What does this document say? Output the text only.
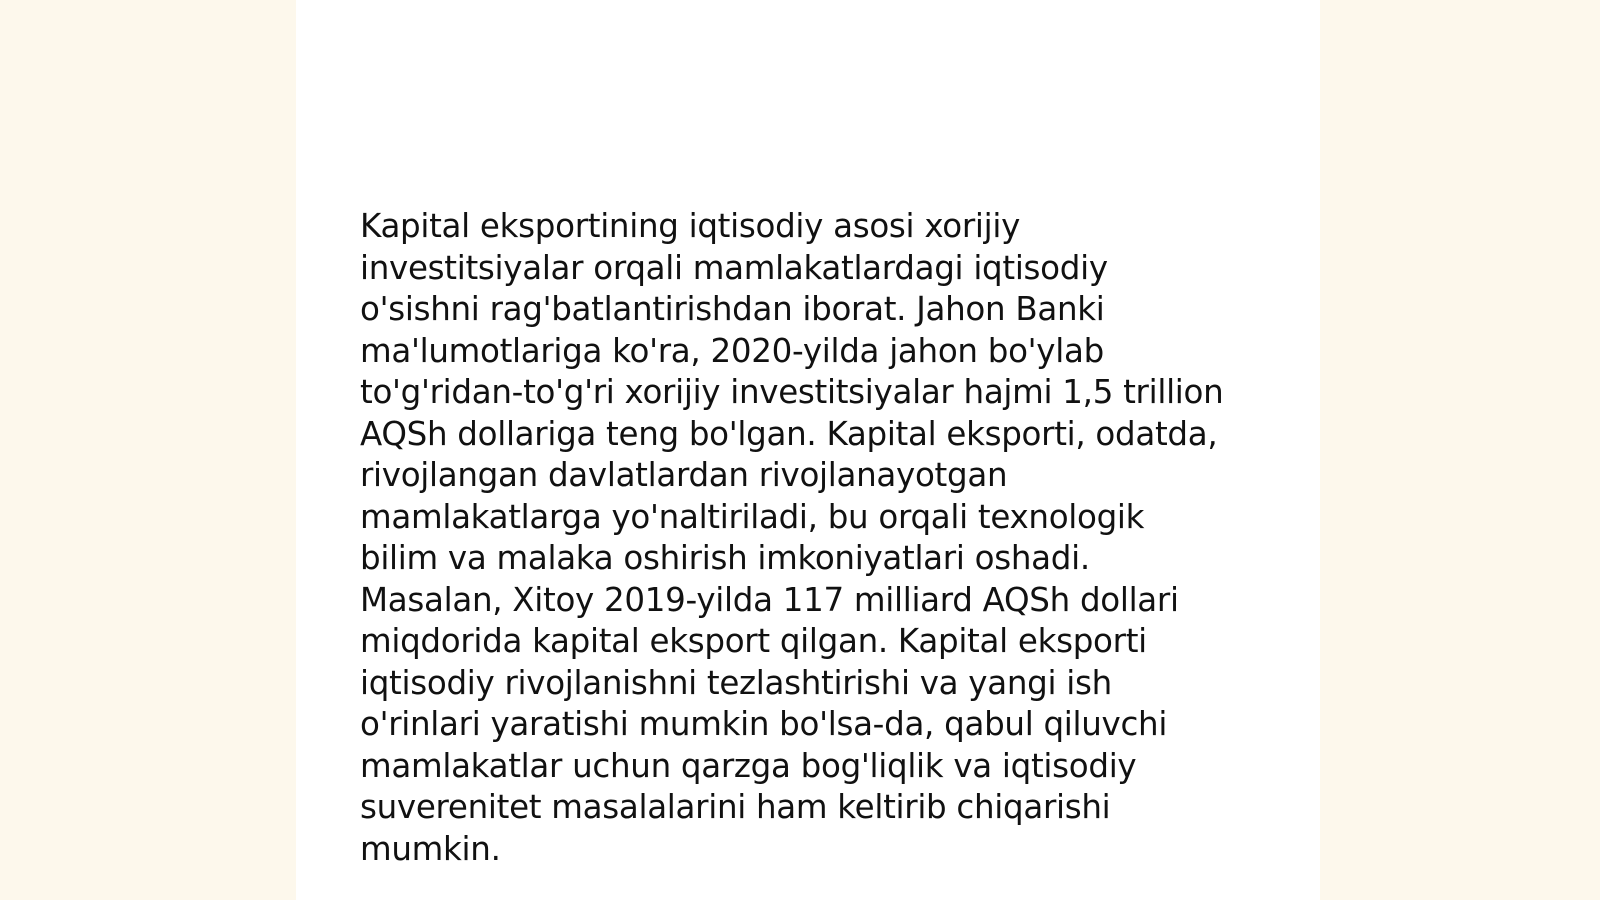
Kapital eksportining iqtisodiy asosi xorijiy
investitsiyalar orqali mamlakatlardagi iqtisodiy
o'sishni rag'batlantirishdan iborat. Jahon Banki
ma'lumotlariga ko'ra, 2020-yilda jahon bo'ylab
to'g'ridan-to'g'ri xorijiy investitsiyalar hajmi 1,5 trillion
AQSh dollariga teng bo'lgan. Kapital eksporti, odatda,
rivojlangan davlatlardan rivojlanayotgan
mamlakatlarga yo'naltiriladi, bu orqali texnologik
bilim va malaka oshirish imkoniyatlari oshadi.
Masalan, Xitoy 2019-yilda 117 milliard AQSh dollari
miqdorida kapital eksport qilgan. Kapital eksporti
iqtisodiy rivojlanishni tezlashtirishi va yangi ish
o'rinlari yaratishi mumkin bo'lsa-da, qabul qiluvchi
mamlakatlar uchun qarzga bog'liqlik va iqtisodiy
suverenitet masalalarini ham keltirib chiqarishi
mumkin.
